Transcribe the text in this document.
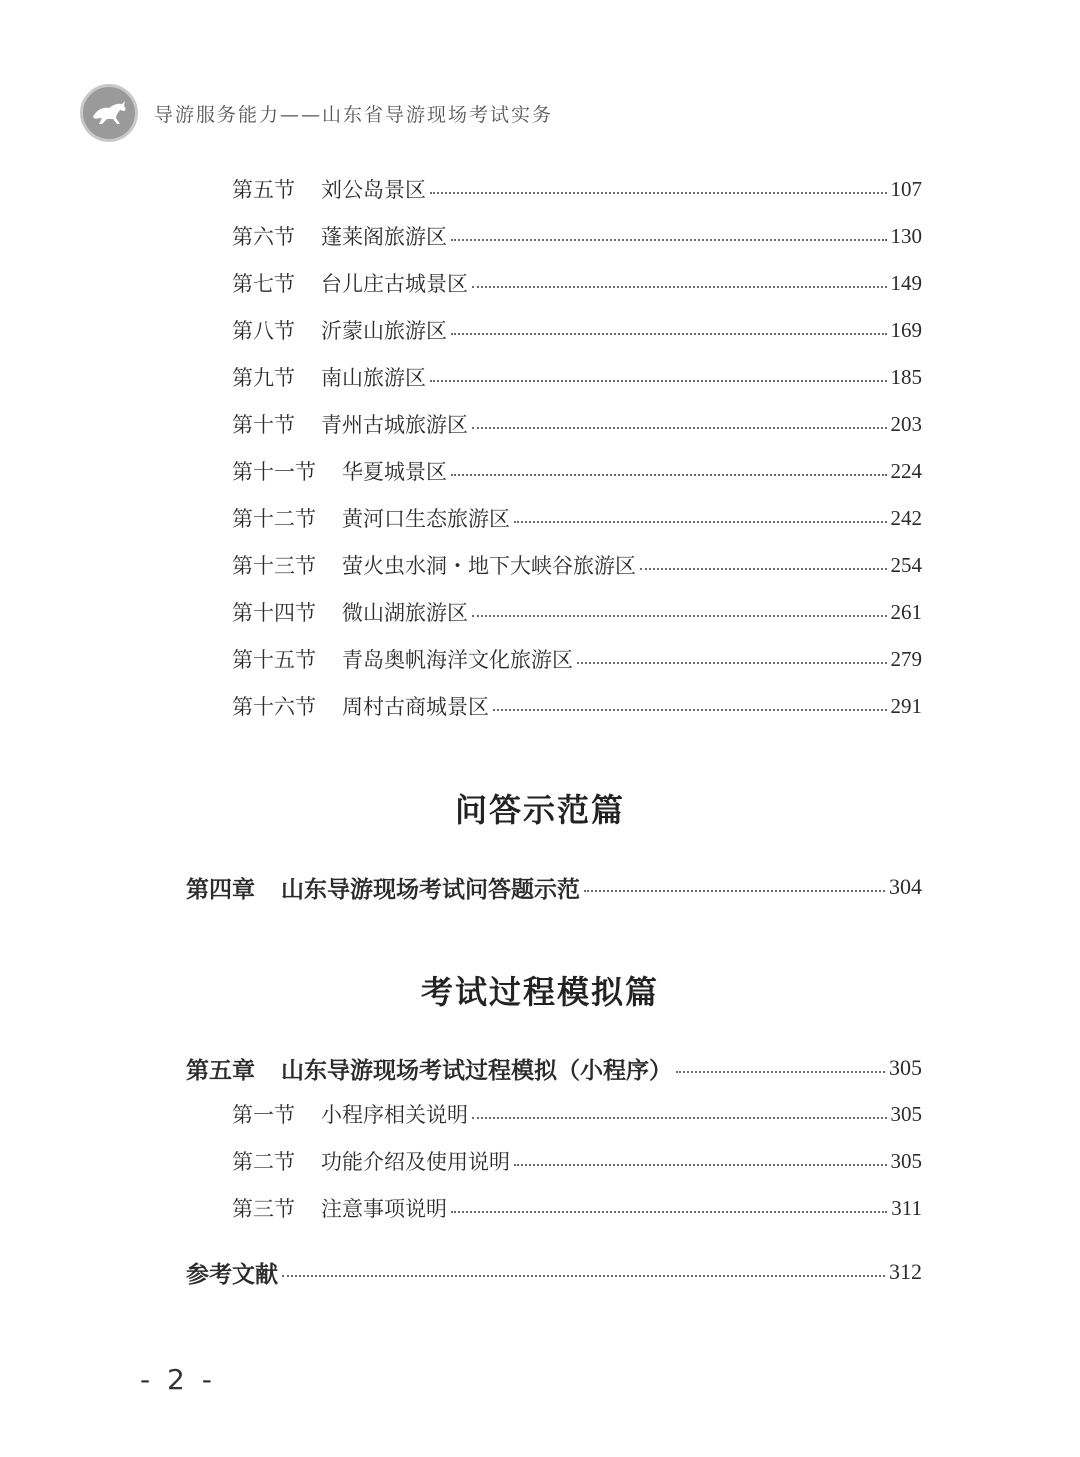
导游服务能力——山东省导游现场考试实务
第五节 刘公岛景区	107
第六节 蓬莱阁旅游区	130
第七节 台儿庄古城景区	149
第八节 沂蒙山旅游区	169
第九节 南山旅游区	185
第十节 青州古城旅游区	203
第十一节 华夏城景区	224
第十二节 黄河口生态旅游区	242
第十三节 萤火虫水洞・地下大峡谷旅游区	254
第十四节 微山湖旅游区	261
第十五节 青岛奥帆海洋文化旅游区	279
第十六节 周村古商城景区	291
问答示范篇
第四章 山东导游现场考试问答题示范	304
考试过程模拟篇
第五章 山东导游现场考试过程模拟（小程序）	305
第一节 小程序相关说明	305
第二节 功能介绍及使用说明	305
第三节 注意事项说明	311
参考文献	312
- 2 -
